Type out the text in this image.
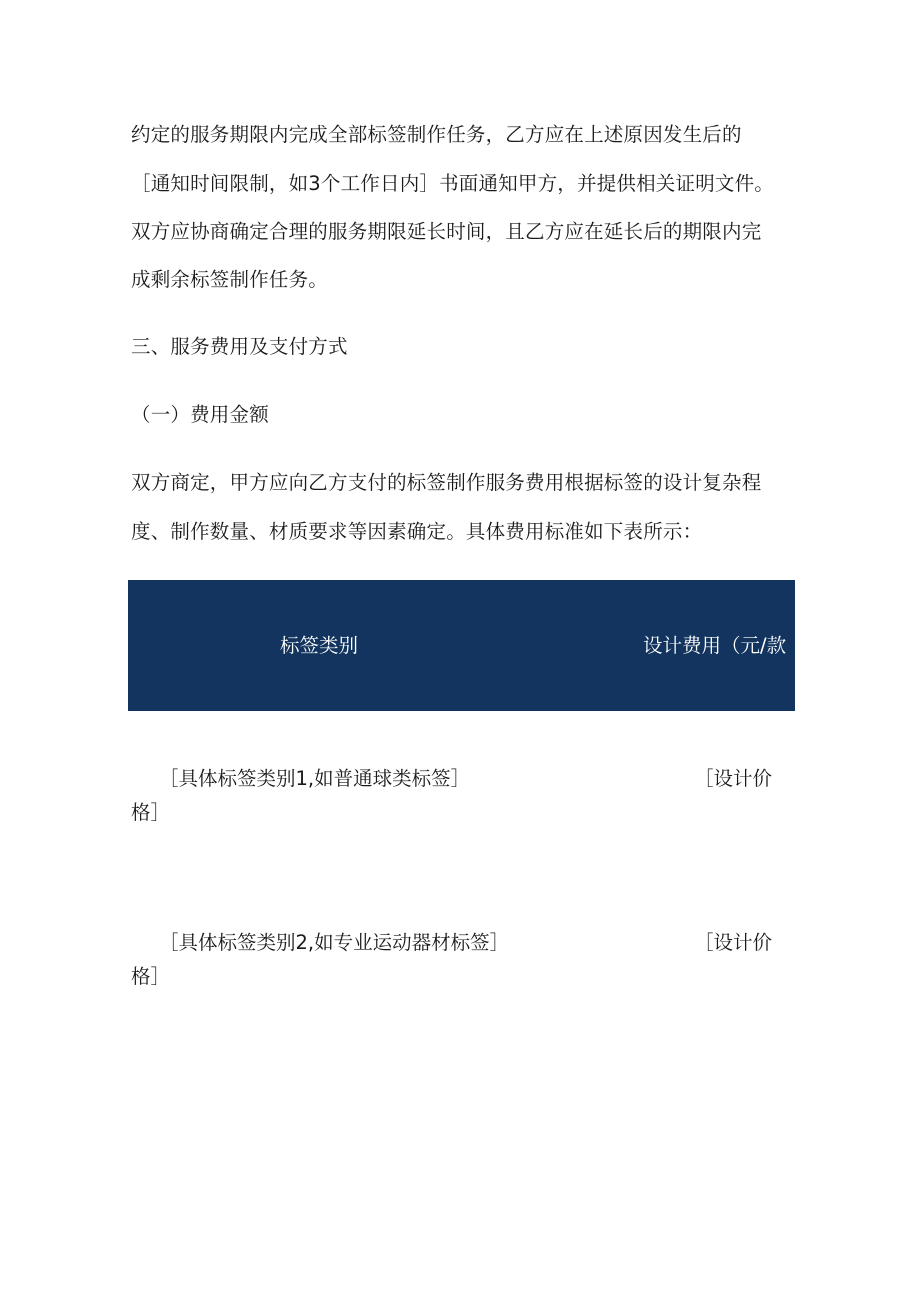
约定的服务期限内完成全部标签制作任务，乙方应在上述原因发生后的
［通知时间限制，如3个工作日内］书面通知甲方，并提供相关证明文件。
双方应协商确定合理的服务期限延长时间，且乙方应在延长后的期限内完
成剩余标签制作任务。
三、服务费用及支付方式
（一）费用金额
双方商定，甲方应向乙方支付的标签制作服务费用根据标签的设计复杂程
度、制作数量、材质要求等因素确定。具体费用标准如下表所示：
标签类别	设计费用（元/款
［具体标签类别1,如普通球类标签］	［设计价
格］
［具体标签类别2,如专业运动器材标签］	［设计价
格］
